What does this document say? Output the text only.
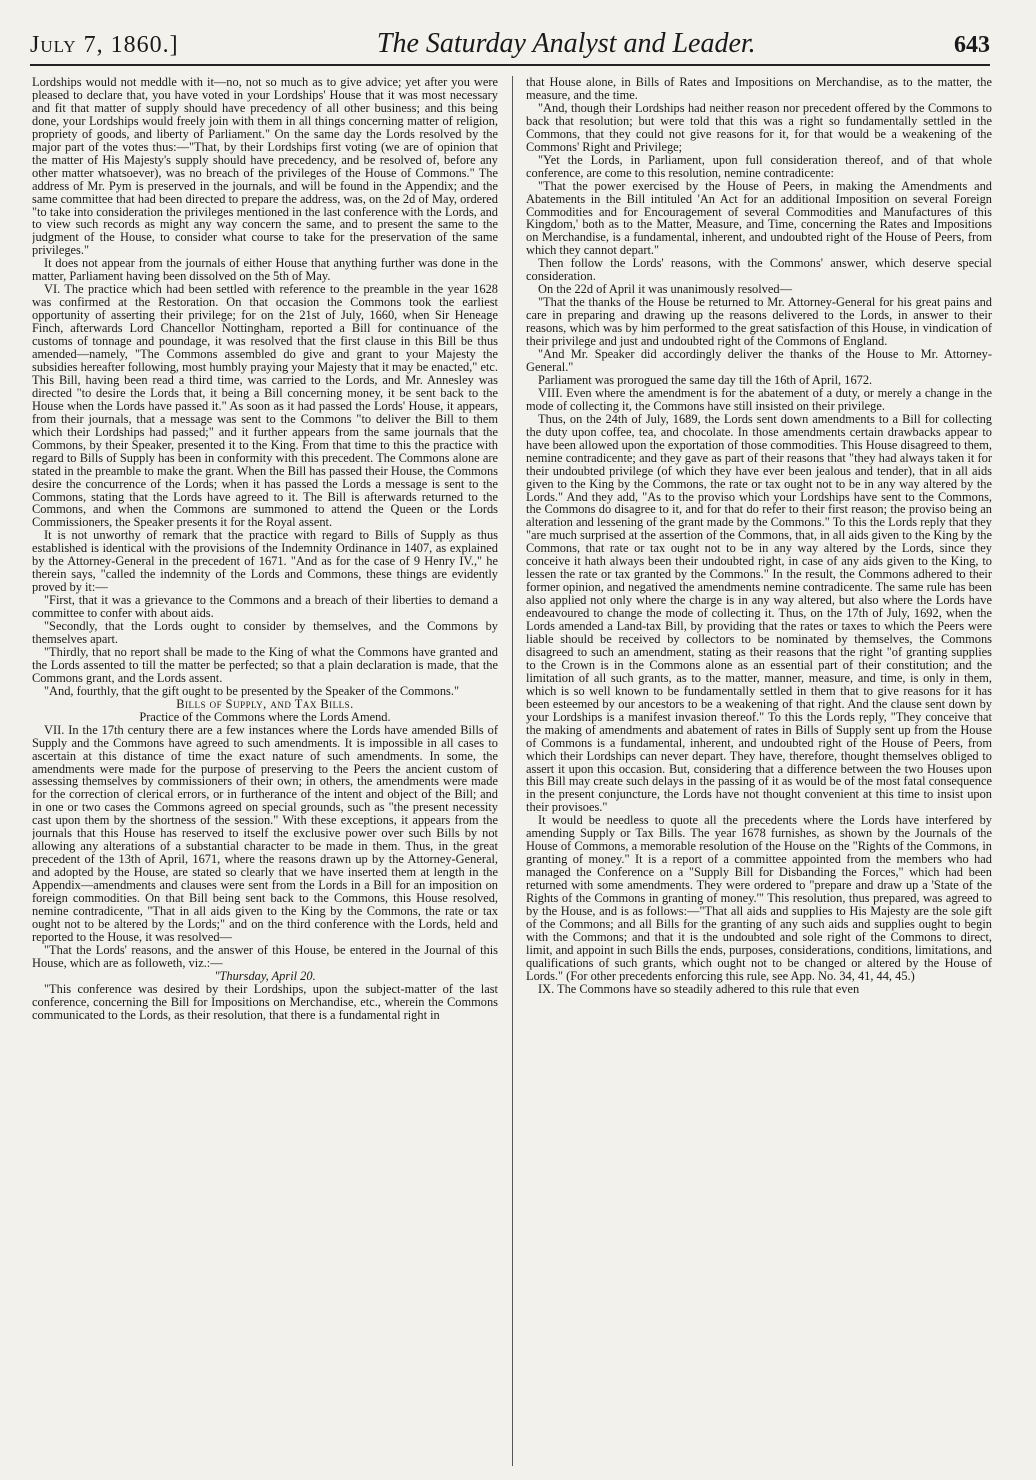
July 7, 1860.]	The Saturday Analyst and Leader.	643

Lordships would not meddle with it—no, not so much as to give advice; yet after you were pleased to declare that, you have voted in your Lordships' House that it was most necessary and fit that matter of supply should have precedency of all other business; and this being done, your Lordships would freely join with them in all things concerning matter of religion, propriety of goods, and liberty of Parliament." On the same day the Lords resolved by the major part of the votes thus:—"That, by their Lordships first voting (we are of opinion that the matter of His Majesty's supply should have precedency, and be resolved of, before any other matter whatsoever), was no breach of the privileges of the House of Commons." The address of Mr. Pym is preserved in the journals, and will be found in the Appendix; and the same committee that had been directed to prepare the address, was, on the 2d of May, ordered "to take into consideration the privileges mentioned in the last conference with the Lords, and to view such records as might any way concern the same, and to present the same to the judgment of the House, to consider what course to take for the preservation of the same privileges."

It does not appear from the journals of either House that anything further was done in the matter, Parliament having been dissolved on the 5th of May.

VI. The practice which had been settled with reference to the preamble in the year 1628 was confirmed at the Restoration. On that occasion the Commons took the earliest opportunity of asserting their privilege; for on the 21st of July, 1660, when Sir Heneage Finch, afterwards Lord Chancellor Nottingham, reported a Bill for continuance of the customs of tonnage and poundage, it was resolved that the first clause in this Bill be thus amended—namely, "The Commons assembled do give and grant to your Majesty the subsidies hereafter following, most humbly praying your Majesty that it may be enacted," etc. This Bill, having been read a third time, was carried to the Lords, and Mr. Annesley was directed "to desire the Lords that, it being a Bill concerning money, it be sent back to the House when the Lords have passed it." As soon as it had passed the Lords' House, it appears, from their journals, that a message was sent to the Commons "to deliver the Bill to them which their Lordships had passed;" and it further appears from the same journals that the Commons, by their Speaker, presented it to the King. From that time to this the practice with regard to Bills of Supply has been in conformity with this precedent. The Commons alone are stated in the preamble to make the grant. When the Bill has passed their House, the Commons desire the concurrence of the Lords; when it has passed the Lords a message is sent to the Commons, stating that the Lords have agreed to it. The Bill is afterwards returned to the Commons, and when the Commons are summoned to attend the Queen or the Lords Commissioners, the Speaker presents it for the Royal assent.

It is not unworthy of remark that the practice with regard to Bills of Supply as thus established is identical with the provisions of the Indemnity Ordinance in 1407, as explained by the Attorney-General in the precedent of 1671. "And as for the case of 9 Henry IV.," he therein says, "called the indemnity of the Lords and Commons, these things are evidently proved by it:—

"First, that it was a grievance to the Commons and a breach of their liberties to demand a committee to confer with about aids.

"Secondly, that the Lords ought to consider by themselves, and the Commons by themselves apart.

"Thirdly, that no report shall be made to the King of what the Commons have granted and the Lords assented to till the matter be perfected; so that a plain declaration is made, that the Commons grant, and the Lords assent.

"And, fourthly, that the gift ought to be presented by the Speaker of the Commons."

Bills of Supply, and Tax Bills.

Practice of the Commons where the Lords Amend.

VII. In the 17th century there are a few instances where the Lords have amended Bills of Supply and the Commons have agreed to such amendments. It is impossible in all cases to ascertain at this distance of time the exact nature of such amendments. In some, the amendments were made for the purpose of preserving to the Peers the ancient custom of assessing themselves by commissioners of their own; in others, the amendments were made for the correction of clerical errors, or in furtherance of the intent and object of the Bill; and in one or two cases the Commons agreed on special grounds, such as "the present necessity cast upon them by the shortness of the session." With these exceptions, it appears from the journals that this House has reserved to itself the exclusive power over such Bills by not allowing any alterations of a substantial character to be made in them. Thus, in the great precedent of the 13th of April, 1671, where the reasons drawn up by the Attorney-General, and adopted by the House, are stated so clearly that we have inserted them at length in the Appendix—amendments and clauses were sent from the Lords in a Bill for an imposition on foreign commodities. On that Bill being sent back to the Commons, this House resolved, nemine contradicente, "That in all aids given to the King by the Commons, the rate or tax ought not to be altered by the Lords;" and on the third conference with the Lords, held and reported to the House, it was resolved—

"That the Lords' reasons, and the answer of this House, be entered in the Journal of this House, which are as followeth, viz.:—

"Thursday, April 20.

"This conference was desired by their Lordships, upon the subject-matter of the last conference, concerning the Bill for Impositions on Merchandise, etc., wherein the Commons communicated to the Lords, as their resolution, that there is a fundamental right in

that House alone, in Bills of Rates and Impositions on Merchandise, as to the matter, the measure, and the time.

"And, though their Lordships had neither reason nor precedent offered by the Commons to back that resolution; but were told that this was a right so fundamentally settled in the Commons, that they could not give reasons for it, for that would be a weakening of the Commons' Right and Privilege;

"Yet the Lords, in Parliament, upon full consideration thereof, and of that whole conference, are come to this resolution, nemine contradicente:

"That the power exercised by the House of Peers, in making the Amendments and Abatements in the Bill intituled 'An Act for an additional Imposition on several Foreign Commodities and for Encouragement of several Commodities and Manufactures of this Kingdom,' both as to the Matter, Measure, and Time, concerning the Rates and Impositions on Merchandise, is a fundamental, inherent, and undoubted right of the House of Peers, from which they cannot depart."

Then follow the Lords' reasons, with the Commons' answer, which deserve special consideration.

On the 22d of April it was unanimously resolved—

"That the thanks of the House be returned to Mr. Attorney-General for his great pains and care in preparing and drawing up the reasons delivered to the Lords, in answer to their reasons, which was by him performed to the great satisfaction of this House, in vindication of their privilege and just and undoubted right of the Commons of England.

"And Mr. Speaker did accordingly deliver the thanks of the House to Mr. Attorney-General."

Parliament was prorogued the same day till the 16th of April, 1672.

VIII. Even where the amendment is for the abatement of a duty, or merely a change in the mode of collecting it, the Commons have still insisted on their privilege.

Thus, on the 24th of July, 1689, the Lords sent down amendments to a Bill for collecting the duty upon coffee, tea, and chocolate. In those amendments certain drawbacks appear to have been allowed upon the exportation of those commodities. This House disagreed to them, nemine contradicente; and they gave as part of their reasons that "they had always taken it for their undoubted privilege (of which they have ever been jealous and tender), that in all aids given to the King by the Commons, the rate or tax ought not to be in any way altered by the Lords." And they add, "As to the proviso which your Lordships have sent to the Commons, the Commons do disagree to it, and for that do refer to their first reason; the proviso being an alteration and lessening of the grant made by the Commons." To this the Lords reply that they "are much surprised at the assertion of the Commons, that, in all aids given to the King by the Commons, that rate or tax ought not to be in any way altered by the Lords, since they conceive it hath always been their undoubted right, in case of any aids given to the King, to lessen the rate or tax granted by the Commons." In the result, the Commons adhered to their former opinion, and negatived the amendments nemine contradicente. The same rule has been also applied not only where the charge is in any way altered, but also where the Lords have endeavoured to change the mode of collecting it. Thus, on the 17th of July, 1692, when the Lords amended a Land-tax Bill, by providing that the rates or taxes to which the Peers were liable should be received by collectors to be nominated by themselves, the Commons disagreed to such an amendment, stating as their reasons that the right "of granting supplies to the Crown is in the Commons alone as an essential part of their constitution; and the limitation of all such grants, as to the matter, manner, measure, and time, is only in them, which is so well known to be fundamentally settled in them that to give reasons for it has been esteemed by our ancestors to be a weakening of that right. And the clause sent down by your Lordships is a manifest invasion thereof." To this the Lords reply, "They conceive that the making of amendments and abatement of rates in Bills of Supply sent up from the House of Commons is a fundamental, inherent, and undoubted right of the House of Peers, from which their Lordships can never depart. They have, therefore, thought themselves obliged to assert it upon this occasion. But, considering that a difference between the two Houses upon this Bill may create such delays in the passing of it as would be of the most fatal consequence in the present conjuncture, the Lords have not thought convenient at this time to insist upon their provisoes."

It would be needless to quote all the precedents where the Lords have interfered by amending Supply or Tax Bills. The year 1678 furnishes, as shown by the Journals of the House of Commons, a memorable resolution of the House on the "Rights of the Commons, in granting of money." It is a report of a committee appointed from the members who had managed the Conference on a "Supply Bill for Disbanding the Forces," which had been returned with some amendments. They were ordered to "prepare and draw up a 'State of the Rights of the Commons in granting of money.'" This resolution, thus prepared, was agreed to by the House, and is as follows:—"That all aids and supplies to His Majesty are the sole gift of the Commons; and all Bills for the granting of any such aids and supplies ought to begin with the Commons; and that it is the undoubted and sole right of the Commons to direct, limit, and appoint in such Bills the ends, purposes, considerations, conditions, limitations, and qualifications of such grants, which ought not to be changed or altered by the House of Lords." (For other precedents enforcing this rule, see App. No. 34, 41, 44, 45.)

IX. The Commons have so steadily adhered to this rule that even
